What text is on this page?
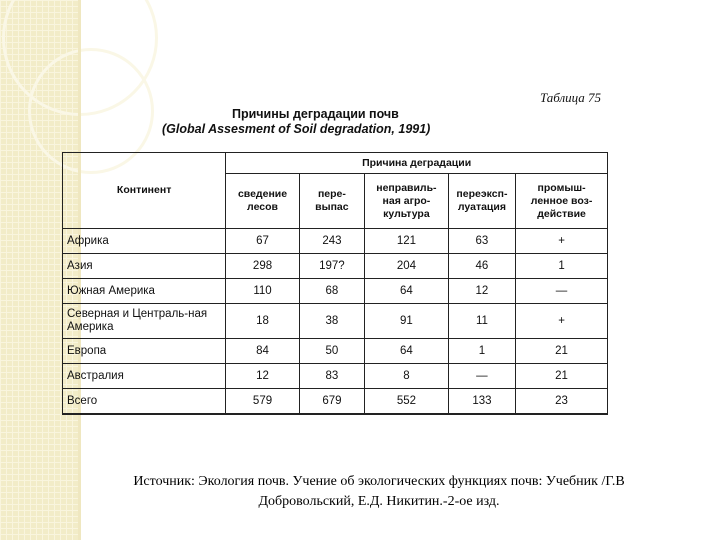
Таблица 75
Причины деградации почв
(Global Assesment of Soil degradation, 1991)
Континент	Причина деградации				
	сведение лесов	пере-выпас	неправиль-ная агро-культура	переэксп-луатация	промыш-ленное воз-действие
Африка	67	243	121	63	+
Азия	298	197?	204	46	1
Южная Америка	110	68	64	12	—
Северная и Централь-ная Америка	18	38	91	11	+
Европа	84	50	64	1	21
Австралия	12	83	8	—	21
Всего	579	679	552	133	23
Источник: Экология почв. Учение об экологических функциях почв: Учебник /Г.В Добровольский, Е.Д. Никитин.-2-ое изд.
